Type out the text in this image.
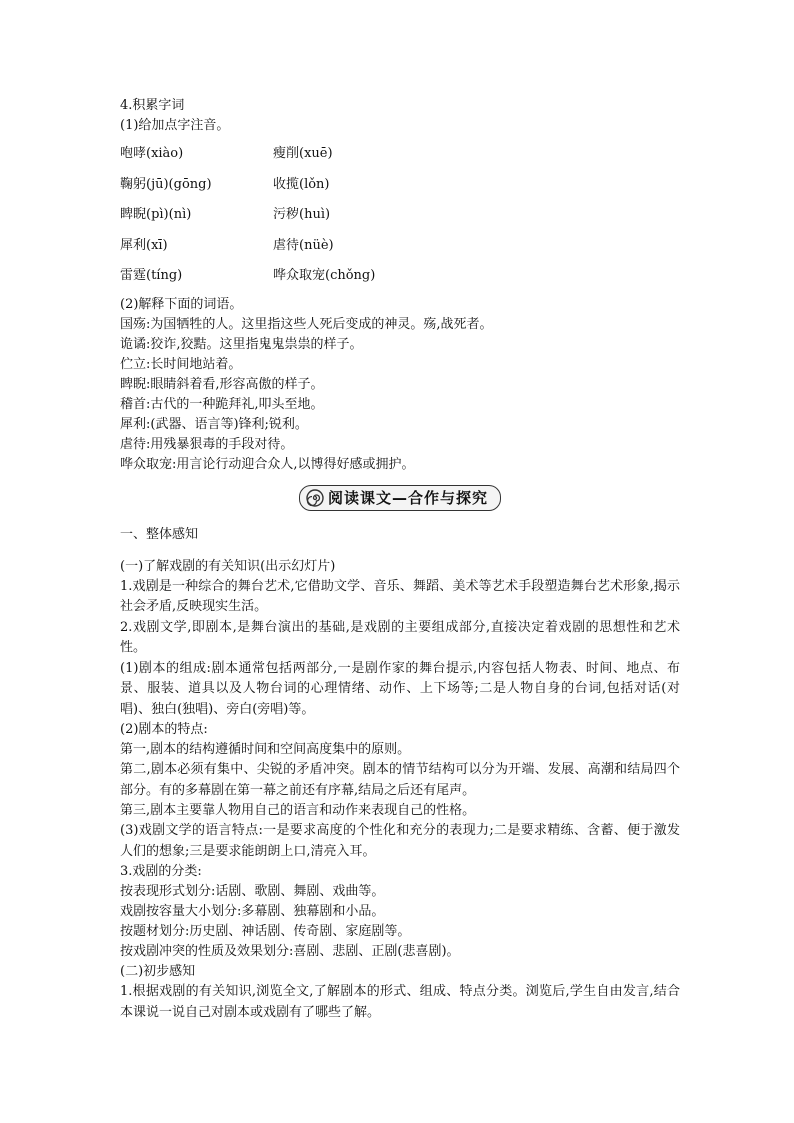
4.积累字词
(1)给加点字注音。
咆哮(xiào)	瘦削(xuē)
鞠躬(jū)(gōng)	收揽(lǒn)
睥睨(pì)(nì)	污秽(huì)
犀利(xī)	虐待(nüè)
雷霆(tíng)	哗众取宠(chǒng)
(2)解释下面的词语。
国殇:为国牺牲的人。这里指这些人死后变成的神灵。殇,战死者。
诡谲:狡诈,狡黠。这里指鬼鬼祟祟的样子。
伫立:长时间地站着。
睥睨:眼睛斜着看,形容高傲的样子。
稽首:古代的一种跪拜礼,叩头至地。
犀利:(武器、语言等)锋利;锐利。
虐待:用残暴狠毒的手段对待。
哗众取宠:用言论行动迎合众人,以博得好感或拥护。
阅读课文—合作与探究
一、整体感知
(一)了解戏剧的有关知识(出示幻灯片)
1.戏剧是一种综合的舞台艺术,它借助文学、音乐、舞蹈、美术等艺术手段塑造舞台艺术形象,揭示社会矛盾,反映现实生活。
2.戏剧文学,即剧本,是舞台演出的基础,是戏剧的主要组成部分,直接决定着戏剧的思想性和艺术性。
(1)剧本的组成:剧本通常包括两部分,一是剧作家的舞台提示,内容包括人物表、时间、地点、布景、服装、道具以及人物台词的心理情绪、动作、上下场等;二是人物自身的台词,包括对话(对唱)、独白(独唱)、旁白(旁唱)等。
(2)剧本的特点:
第一,剧本的结构遵循时间和空间高度集中的原则。
第二,剧本必须有集中、尖锐的矛盾冲突。剧本的情节结构可以分为开端、发展、高潮和结局四个部分。有的多幕剧在第一幕之前还有序幕,结局之后还有尾声。
第三,剧本主要靠人物用自己的语言和动作来表现自己的性格。
(3)戏剧文学的语言特点:一是要求高度的个性化和充分的表现力;二是要求精练、含蓄、便于激发人们的想象;三是要求能朗朗上口,清亮入耳。
3.戏剧的分类:
按表现形式划分:话剧、歌剧、舞剧、戏曲等。
戏剧按容量大小划分:多幕剧、独幕剧和小品。
按题材划分:历史剧、神话剧、传奇剧、家庭剧等。
按戏剧冲突的性质及效果划分:喜剧、悲剧、正剧(悲喜剧)。
(二)初步感知
1.根据戏剧的有关知识,浏览全文,了解剧本的形式、组成、特点分类。浏览后,学生自由发言,结合本课说一说自己对剧本或戏剧有了哪些了解。
